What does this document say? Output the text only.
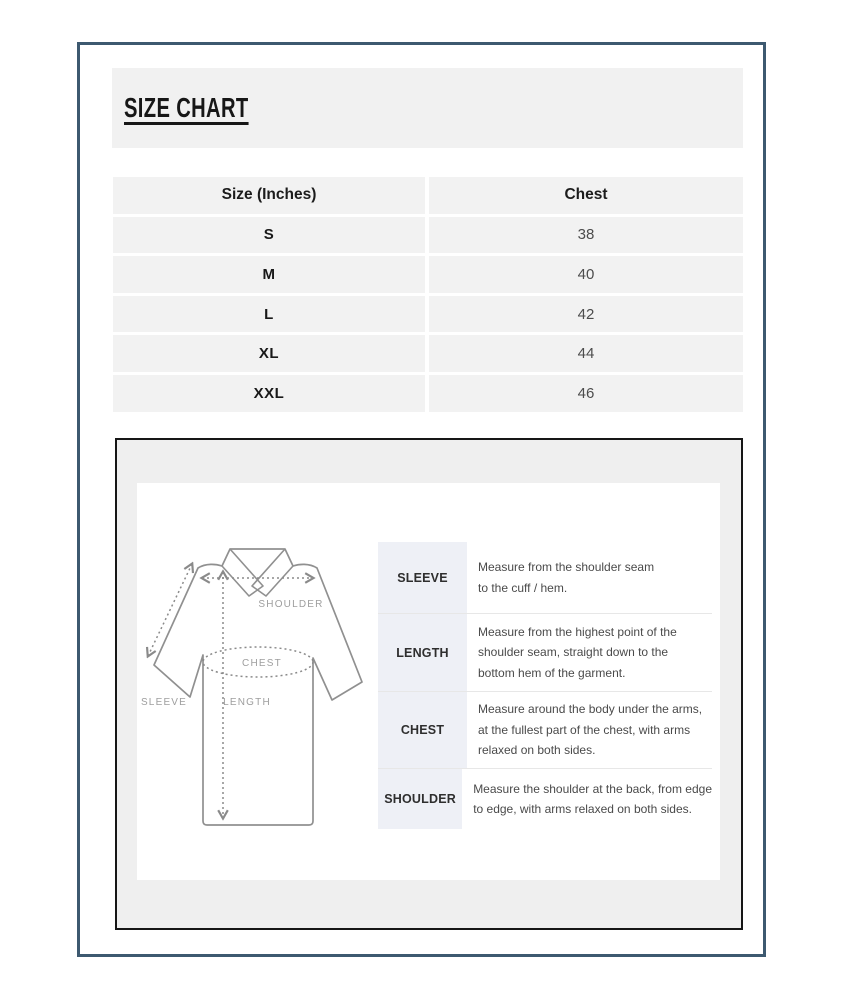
SIZE CHART
Size (Inches)	Chest
S	38
M	40
L	42
XL	44
XXL	46
SHOULDER
CHEST
SLEEVE	LENGTH
SLEEVE
Measure from the shoulder seam
to the cuff / hem.
LENGTH
Measure from the highest point of the
shoulder seam, straight down to the
bottom hem of the garment.
CHEST
Measure around the body under the arms,
at the fullest part of the chest, with arms
relaxed on both sides.
SHOULDER
Measure the shoulder at the back, from edge
to edge, with arms relaxed on both sides.
